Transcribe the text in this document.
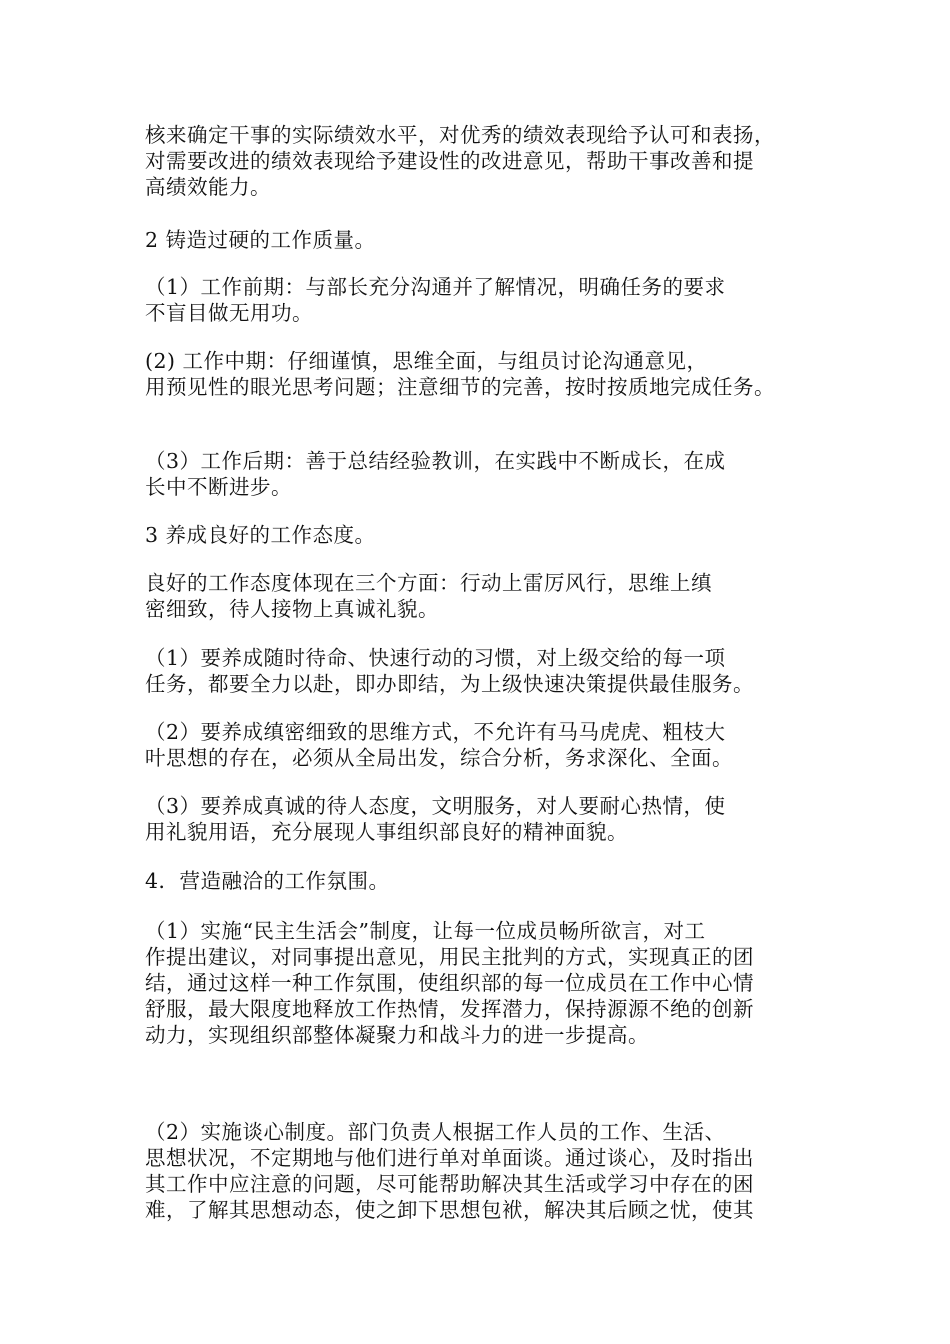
核来确定干事的实际绩效水平，对优秀的绩效表现给予认可和表扬，
对需要改进的绩效表现给予建设性的改进意见，帮助干事改善和提
高绩效能力。
2 铸造过硬的工作质量。
（1）工作前期：与部长充分沟通并了解情况，明确任务的要求
不盲目做无用功。
(2) 工作中期：仔细谨慎，思维全面，与组员讨论沟通意见，
用预见性的眼光思考问题；注意细节的完善，按时按质地完成任务。
（3）工作后期：善于总结经验教训，在实践中不断成长，在成
长中不断进步。
3 养成良好的工作态度。
良好的工作态度体现在三个方面：行动上雷厉风行，思维上缜
密细致，待人接物上真诚礼貌。
（1）要养成随时待命、快速行动的习惯，对上级交给的每一项
任务，都要全力以赴，即办即结，为上级快速决策提供最佳服务。
（2）要养成缜密细致的思维方式，不允许有马马虎虎、粗枝大
叶思想的存在，必须从全局出发，综合分析，务求深化、全面。
（3）要养成真诚的待人态度，文明服务，对人要耐心热情，使
用礼貌用语，充分展现人事组织部良好的精神面貌。
4．营造融洽的工作氛围。
（1）实施“民主生活会”制度，让每一位成员畅所欲言，对工
作提出建议，对同事提出意见，用民主批判的方式，实现真正的团
结，通过这样一种工作氛围，使组织部的每一位成员在工作中心情
舒服，最大限度地释放工作热情，发挥潜力，保持源源不绝的创新
动力，实现组织部整体凝聚力和战斗力的进一步提高。
（2）实施谈心制度。部门负责人根据工作人员的工作、生活、
思想状况，不定期地与他们进行单对单面谈。通过谈心，及时指出
其工作中应注意的问题，尽可能帮助解决其生活或学习中存在的困
难，了解其思想动态，使之卸下思想包袱，解决其后顾之忧，使其
